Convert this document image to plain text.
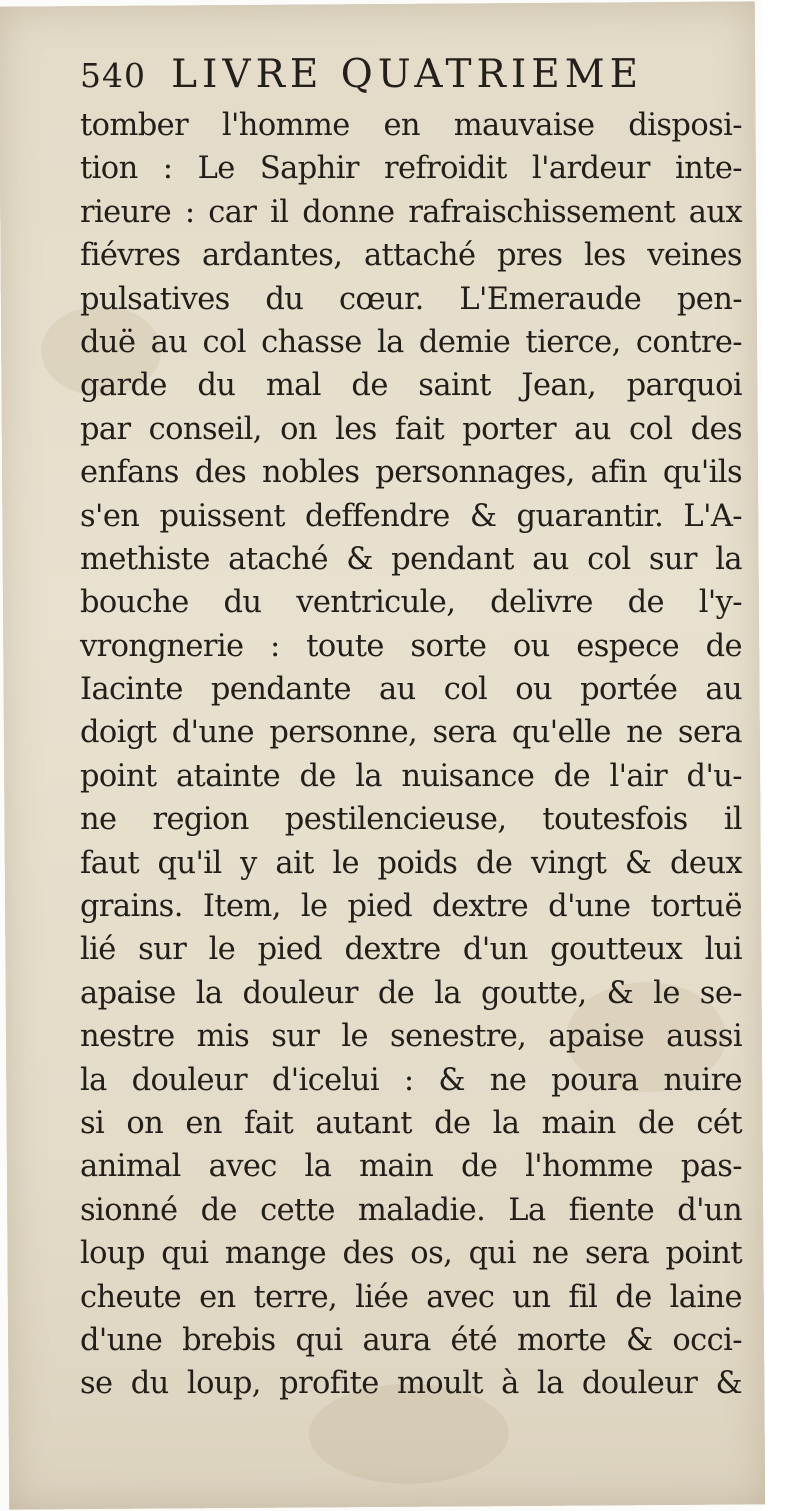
540 LIVRE QUATRIEME
tomber l'homme en mauvaise disposi-
tion : Le Saphir refroidit l'ardeur inte-
rieure : car il donne rafraischissement aux
fiévres ardantes, attaché pres les veines
pulsatives du cœur. L'Emeraude pen-
duë au col chasse la demie tierce, contre-
garde du mal de saint Jean, parquoi
par conseil, on les fait porter au col des
enfans des nobles personnages, afin qu'ils
s'en puissent deffendre & guarantir. L'A-
methiste ataché & pendant au col sur la
bouche du ventricule, delivre de l'y-
vrongnerie : toute sorte ou espece de
Iacinte pendante au col ou portée au
doigt d'une personne, sera qu'elle ne sera
point atainte de la nuisance de l'air d'u-
ne region pestilencieuse, toutesfois il
faut qu'il y ait le poids de vingt & deux
grains. Item, le pied dextre d'une tortuë
lié sur le pied dextre d'un goutteux lui
apaise la douleur de la goutte, & le se-
nestre mis sur le senestre, apaise aussi
la douleur d'icelui : & ne poura nuire
si on en fait autant de la main de cét
animal avec la main de l'homme pas-
sionné de cette maladie. La fiente d'un
loup qui mange des os, qui ne sera point
cheute en terre, liée avec un fil de laine
d'une brebis qui aura été morte & occi-
se du loup, profite moult à la douleur &
